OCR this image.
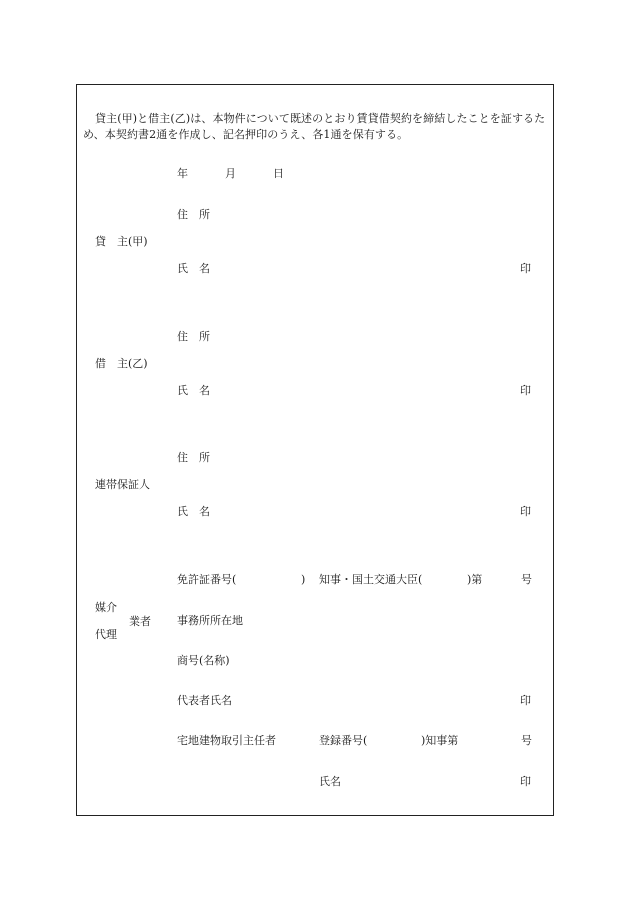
貸主(甲)と借主(乙)は、本物件について既述のとおり賃貸借契約を締結したことを証するため、本契約書2通を作成し、記名押印のうえ、各1通を保有する。
年	月	日
貸　主(甲)
住　所
氏　名	印
借　主(乙)
住　所
氏　名	印
連帯保証人
住　所
氏　名	印
媒介
代理
業者
免許証番号(	) 知事・国土交通大臣(	)第	号
事務所所在地
商号(名称)
代表者氏名	印
宅地建物取引主任者	登録番号(	)知事第	号
氏名	印
